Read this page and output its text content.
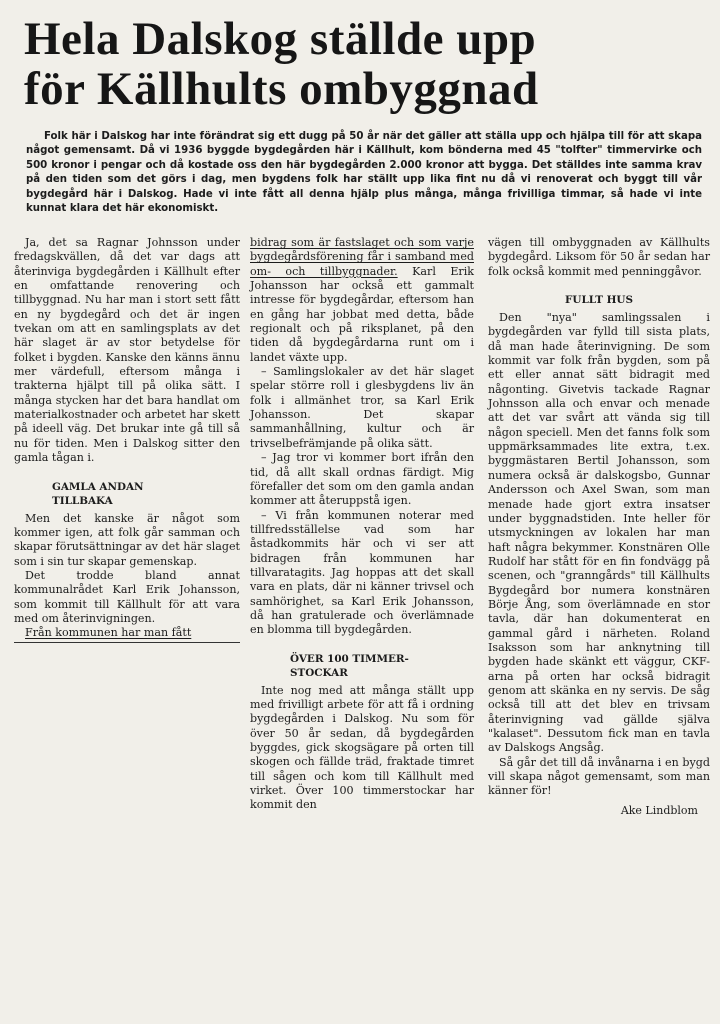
Hela Dalskog ställde upp
för Källhults ombyggnad

Folk här i Dalskog har inte förändrat sig ett dugg på 50 år när det gäller att ställa upp och hjälpa till för att skapa något gemensamt. Då vi 1936 byggde bygdegården här i Källhult, kom bönderna med 45 "tolfter" timmervirke och 500 kronor i pengar och då kostade oss den här bygdegården 2.000 kronor att bygga. Det ställdes inte samma krav på den tiden som det görs i dag, men bygdens folk har ställt upp lika fint nu då vi renoverat och byggt till vår bygdegård här i Dalskog. Hade vi inte fått all denna hjälp plus många, många frivilliga timmar, så hade vi inte kunnat klara det här ekonomiskt.

Ja, det sa Ragnar Johnsson under fredagskvällen, då det var dags att återinviga bygdegården i Källhult efter en omfattande renovering och tillbyggnad. Nu har man i stort sett fått en ny bygdegård och det är ingen tvekan om att en samlingsplats av det här slaget är av stor betydelse för folket i bygden. Kanske den känns ännu mer värdefull, eftersom många i trakterna hjälpt till på olika sätt. I många stycken har det bara handlat om materialkostnader och arbetet har skett på ideell väg. Det brukar inte gå till så nu för tiden. Men i Dalskog sitter den gamla tågan i.

GAMLA ANDAN
TILLBAKA

Men det kanske är något som kommer igen, att folk går samman och skapar förutsättningar av det här slaget som i sin tur skapar gemenskap.

Det trodde bland annat kommunalrådet Karl Erik Johansson, som kommit till Källhult för att vara med om återinvigningen.

Från kommunen har man fått

bidrag som är fastslaget och som varje bygdegårdsförening får i samband med om- och tillbyggnader. Karl Erik Johansson har också ett gammalt intresse för bygdegårdar, eftersom han en gång har jobbat med detta, både regionalt och på riksplanet, på den tiden då bygdegårdarna runt om i landet växte upp.

– Samlingslokaler av det här slaget spelar större roll i glesbygdens liv än folk i allmänhet tror, sa Karl Erik Johansson. Det skapar sammanhållning, kultur och är trivselbefrämjande på olika sätt.

– Jag tror vi kommer bort ifrån den tid, då allt skall ordnas färdigt. Mig förefaller det som om den gamla andan kommer att återuppstå igen.

– Vi från kommunen noterar med tillfredsställelse vad som har åstadkommits här och vi ser att bidragen från kommunen har tillvaratagits. Jag hoppas att det skall vara en plats, där ni känner trivsel och samhörighet, sa Karl Erik Johansson, då han gratulerade och överlämnade en blomma till bygdegården.

ÖVER 100 TIMMER-
STOCKAR

Inte nog med att många ställt upp med frivilligt arbete för att få i ordning bygdegården i Dalskog. Nu som för över 50 år sedan, då bygdegården byggdes, gick skogsägare på orten till skogen och fällde träd, fraktade timret till sågen och kom till Källhult med virket. Över 100 timmerstockar har kommit den

vägen till ombyggnaden av Källhults bygdegård. Liksom för 50 år sedan har folk också kommit med penninggåvor.

FULLT HUS

Den "nya" samlingssalen i bygdegården var fylld till sista plats, då man hade återinvigning. De som kommit var folk från bygden, som på ett eller annat sätt bidragit med någonting. Givetvis tackade Ragnar Johnsson alla och envar och menade att det var svårt att vända sig till någon speciell. Men det fanns folk som uppmärksammades lite extra, t.ex. byggmästaren Bertil Johansson, som numera också är dalskogsbo, Gunnar Andersson och Axel Swan, som man menade hade gjort extra insatser under byggnadstiden. Inte heller för utsmyckningen av lokalen har man haft några bekymmer. Konstnären Olle Rudolf har stått för en fin fondvägg på scenen, och "granngårds" till Källhults Bygdegård bor numera konstnären Börje Ång, som överlämnade en stor tavla, där han dokumenterat en gammal gård i närheten. Roland Isaksson som har anknytning till bygden hade skänkt ett väggur, CKF-arna på orten har också bidragit genom att skänka en ny servis. De såg också till att det blev en trivsam återinvigning vad gällde själva "kalaset". Dessutom fick man en tavla av Dalskogs Angsåg.

Så går det till då invånarna i en bygd vill skapa något gemensamt, som man känner för!

Ake Lindblom
